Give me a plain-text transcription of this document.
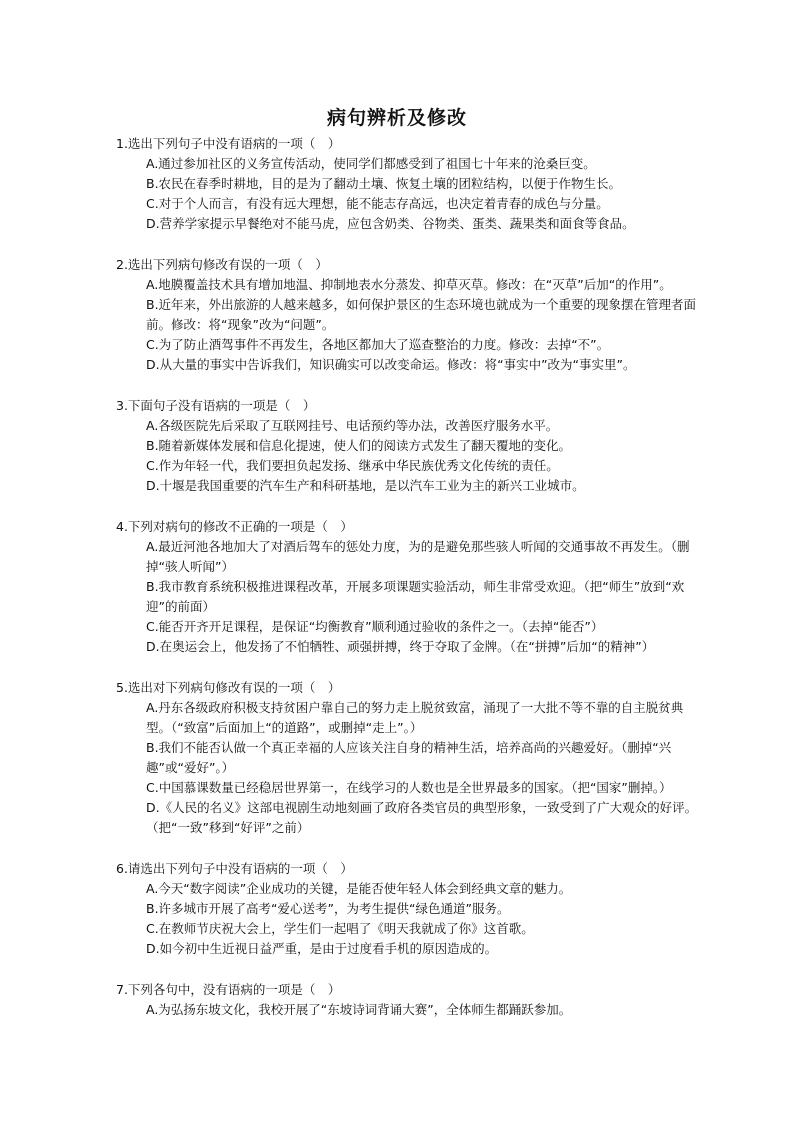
病句辨析及修改
1.选出下列句子中没有语病的一项（　）
A.通过参加社区的义务宣传活动，使同学们都感受到了祖国七十年来的沧桑巨变。
B.农民在春季时耕地，目的是为了翻动土壤、恢复土壤的团粒结构，以便于作物生长。
C.对于个人而言，有没有远大理想，能不能志存高远，也决定着青春的成色与分量。
D.营养学家提示早餐绝对不能马虎，应包含奶类、谷物类、蛋类、蔬果类和面食等食品。
2.选出下列病句修改有误的一项（　）
A.地膜覆盖技术具有增加地温、抑制地表水分蒸发、抑草灭草。修改：在“灭草”后加“的作用”。
B.近年来，外出旅游的人越来越多，如何保护景区的生态环境也就成为一个重要的现象摆在管理者面前。修改：将“现象”改为“问题”。
C.为了防止酒驾事件不再发生，各地区都加大了巡查整治的力度。修改：去掉“不”。
D.从大量的事实中告诉我们，知识确实可以改变命运。修改：将“事实中”改为“事实里”。
3.下面句子没有语病的一项是（　）
A.各级医院先后采取了互联网挂号、电话预约等办法，改善医疗服务水平。
B.随着新媒体发展和信息化提速，使人们的阅读方式发生了翻天覆地的变化。
C.作为年轻一代，我们要担负起发扬、继承中华民族优秀文化传统的责任。
D.十堰是我国重要的汽车生产和科研基地，是以汽车工业为主的新兴工业城市。
4.下列对病句的修改不正确的一项是（　）
A.最近河池各地加大了对酒后驾车的惩处力度，为的是避免那些骇人听闻的交通事故不再发生。（删掉“骇人听闻”）
B.我市教育系统积极推进课程改革，开展多项课题实验活动，师生非常受欢迎。（把“师生”放到“欢迎”的前面）
C.能否开齐开足课程，是保证“均衡教育”顺利通过验收的条件之一。（去掉“能否”）
D.在奥运会上，他发扬了不怕牺牲、顽强拼搏，终于夺取了金牌。（在“拼搏”后加“的精神”）
5.选出对下列病句修改有误的一项（　）
A.丹东各级政府积极支持贫困户靠自己的努力走上脱贫致富，涌现了一大批不等不靠的自主脱贫典型。（“致富”后面加上“的道路”，或删掉“走上”。）
B.我们不能否认做一个真正幸福的人应该关注自身的精神生活，培养高尚的兴趣爱好。（删掉“兴趣”或“爱好”。）
C.中国慕课数量已经稳居世界第一，在线学习的人数也是全世界最多的国家。（把“国家”删掉。）
D.《人民的名义》这部电视剧生动地刻画了政府各类官员的典型形象，一致受到了广大观众的好评。（把“一致”移到“好评”之前）
6.请选出下列句子中没有语病的一项（　）
A.今天“数字阅读”企业成功的关键，是能否使年轻人体会到经典文章的魅力。
B.许多城市开展了高考“爱心送考”，为考生提供“绿色通道”服务。
C.在教师节庆祝大会上，学生们一起唱了《明天我就成了你》这首歌。
D.如今初中生近视日益严重，是由于过度看手机的原因造成的。
7.下列各句中，没有语病的一项是（　）
A.为弘扬东坡文化，我校开展了“东坡诗词背诵大赛”，全体师生都踊跃参加。
